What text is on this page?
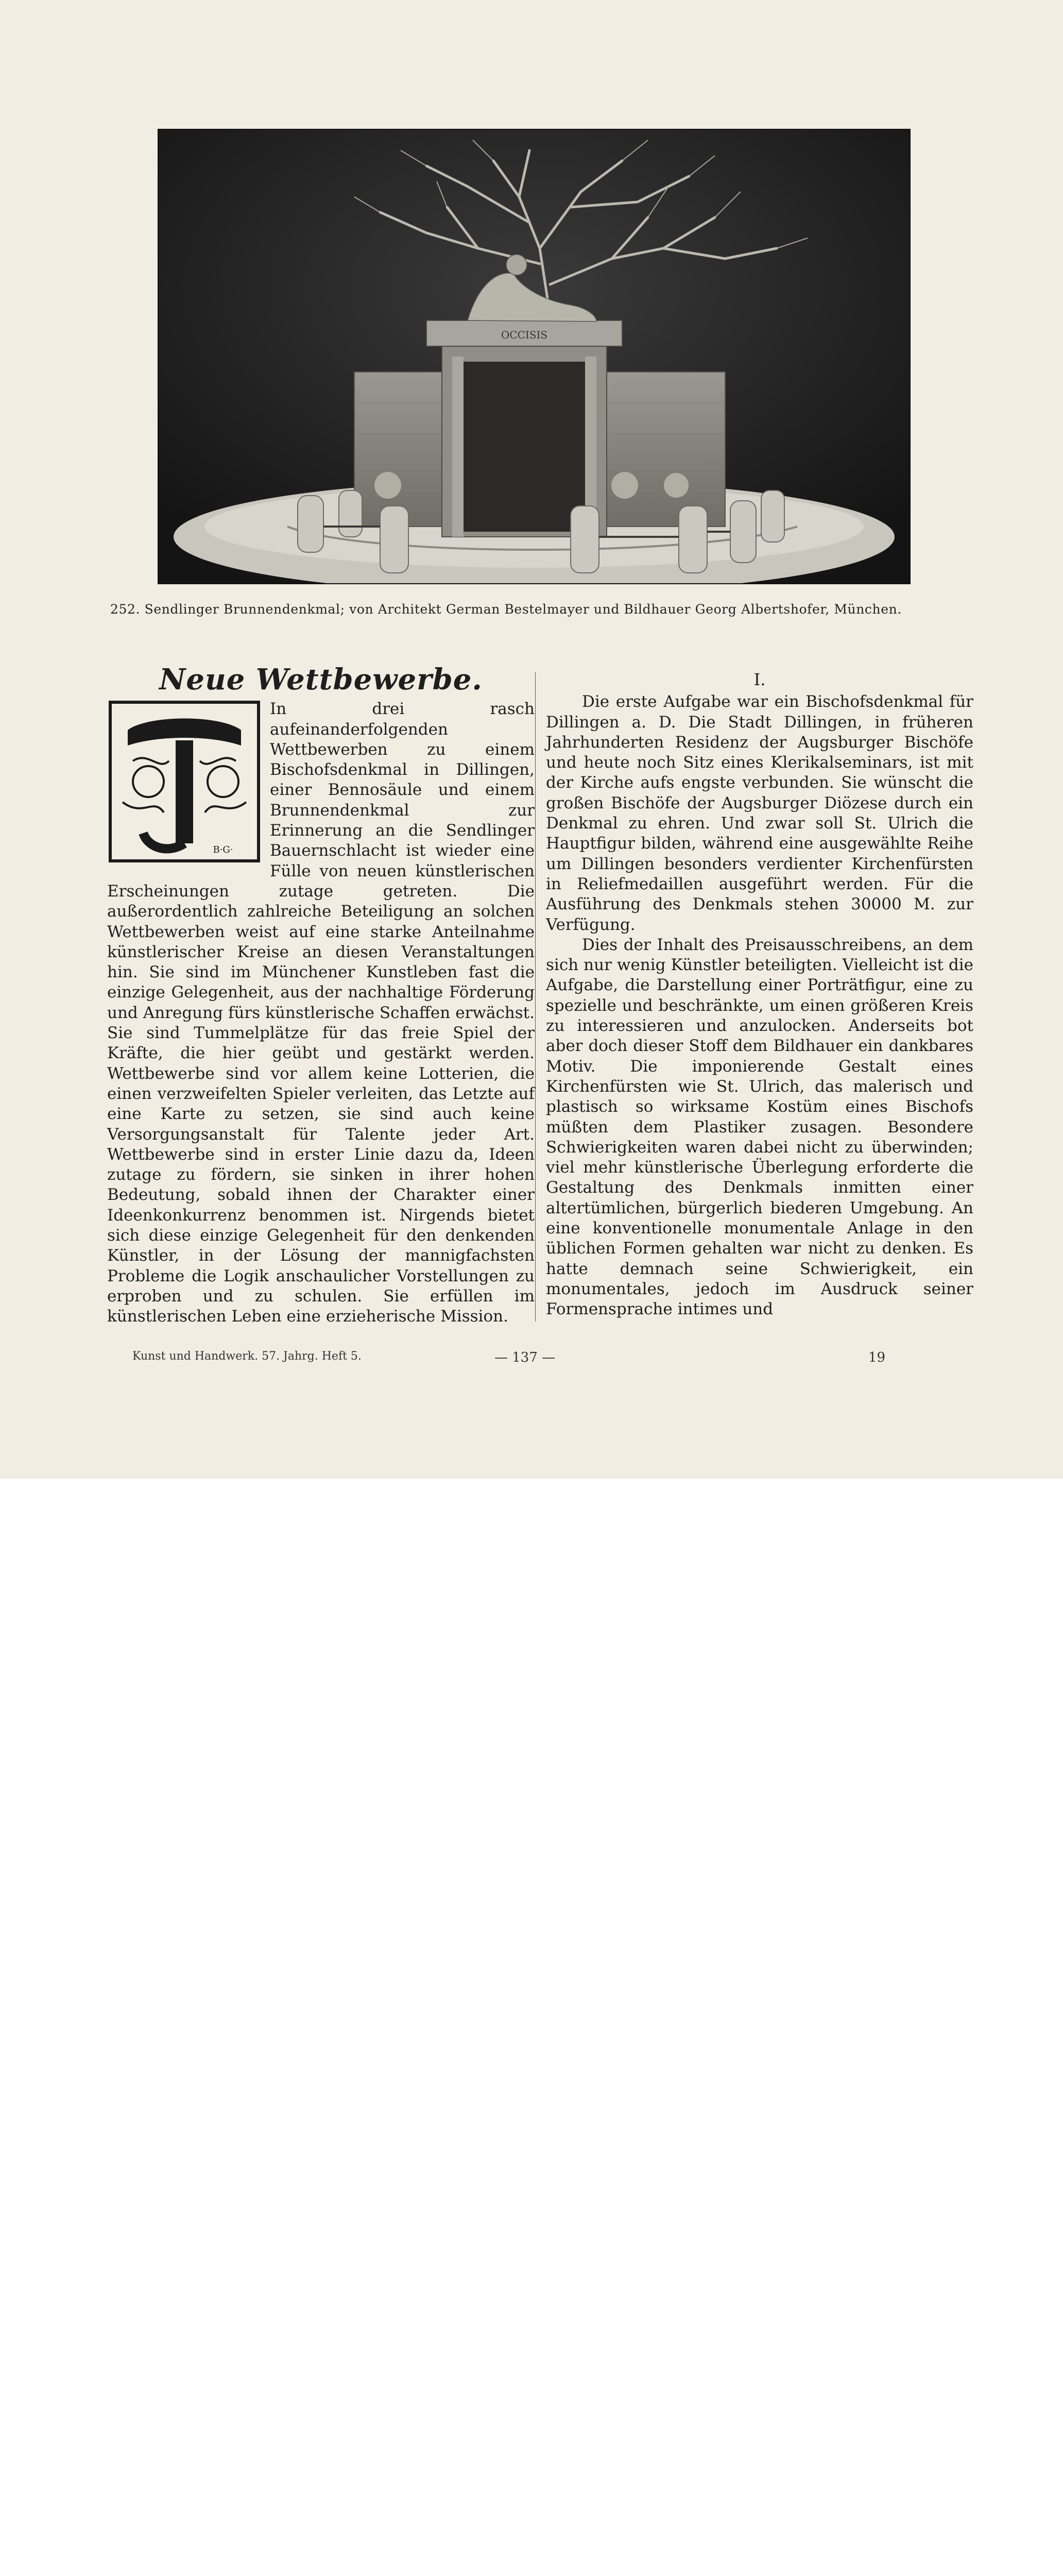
OCCISIS
252. Sendlinger Brunnendenkmal; von Architekt German Bestelmayer und Bildhauer Georg Albertshofer, München.
Neue Wettbewerbe.
B·G·

In drei rasch aufeinanderfolgenden Wettbewerben zu einem Bischofsdenkmal in Dillingen, einer Bennosäule und einem Brunnendenkmal zur Erinnerung an die Sendlinger Bauernschlacht ist wieder eine Fülle von neuen künstlerischen Erscheinungen zutage getreten. Die außerordentlich zahlreiche Beteiligung an solchen Wettbewerben weist auf eine starke Anteilnahme künstlerischer Kreise an diesen Veranstaltungen hin. Sie sind im Münchener Kunstleben fast die einzige Gelegenheit, aus der nachhaltige Förderung und Anregung fürs künstlerische Schaffen erwächst. Sie sind Tummelplätze für das freie Spiel der Kräfte, die hier geübt und gestärkt werden. Wettbewerbe sind vor allem keine Lotterien, die einen verzweifelten Spieler verleiten, das Letzte auf eine Karte zu setzen, sie sind auch keine Versorgungsanstalt für Talente jeder Art. Wettbewerbe sind in erster Linie dazu da, Ideen zutage zu fördern, sie sinken in ihrer hohen Bedeutung, sobald ihnen der Charakter einer Ideenkonkurrenz benommen ist. Nirgends bietet sich diese einzige Gelegenheit für den denkenden Künstler, in der Lösung der mannigfachsten Probleme die Logik anschaulicher Vorstellungen zu erproben und zu schulen. Sie erfüllen im künstlerischen Leben eine erzieherische Mission.

I.

Die erste Aufgabe war ein Bischofsdenkmal für Dillingen a. D. Die Stadt Dillingen, in früheren Jahrhunderten Residenz der Augsburger Bischöfe und heute noch Sitz eines Klerikalseminars, ist mit der Kirche aufs engste verbunden. Sie wünscht die großen Bischöfe der Augsburger Diözese durch ein Denkmal zu ehren. Und zwar soll St. Ulrich die Hauptfigur bilden, während eine ausgewählte Reihe um Dillingen besonders verdienter Kirchenfürsten in Reliefmedaillen ausgeführt werden. Für die Ausführung des Denkmals stehen 30000 M. zur Verfügung.

Dies der Inhalt des Preisausschreibens, an dem sich nur wenig Künstler beteiligten. Vielleicht ist die Aufgabe, die Darstellung einer Porträtfigur, eine zu spezielle und beschränkte, um einen größeren Kreis zu interessieren und anzulocken. Anderseits bot aber doch dieser Stoff dem Bildhauer ein dankbares Motiv. Die imponierende Gestalt eines Kirchenfürsten wie St. Ulrich, das malerisch und plastisch so wirksame Kostüm eines Bischofs müßten dem Plastiker zusagen. Besondere Schwierigkeiten waren dabei nicht zu überwinden; viel mehr künstlerische Überlegung erforderte die Gestaltung des Denkmals inmitten einer altertümlichen, bürgerlich biederen Umgebung. An eine konventionelle monumentale Anlage in den üblichen Formen gehalten war nicht zu denken. Es hatte demnach seine Schwierigkeit, ein monumentales, jedoch im Ausdruck seiner Formensprache intimes und

Kunst und Handwerk. 57. Jahrg. Heft 5.	— 137 —	19
